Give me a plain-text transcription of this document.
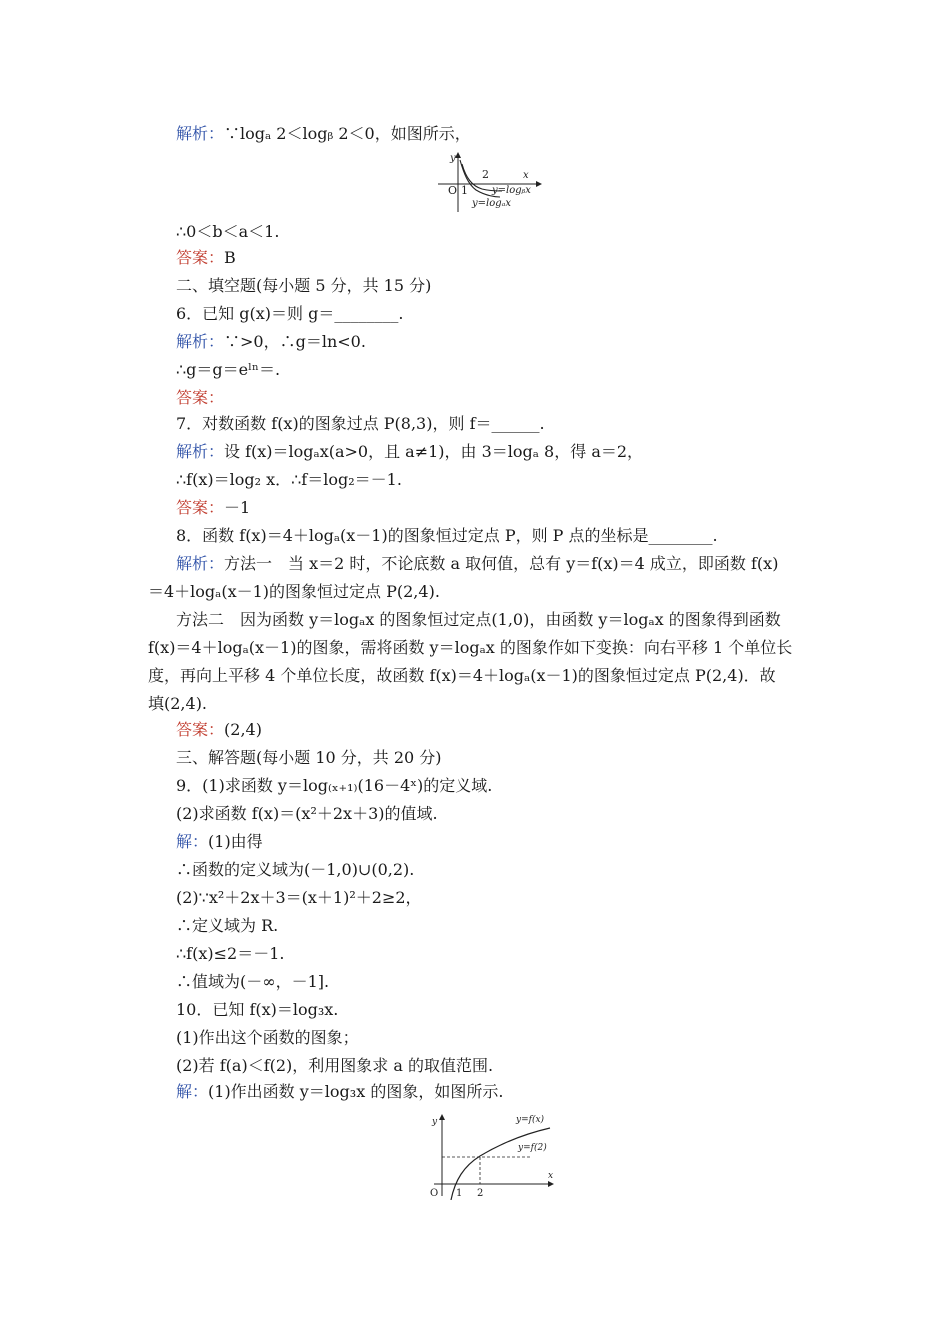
解析：∵logₐ 2＜logᵦ 2＜0，如图所示，
y
x
O 1
2
y=logᵦx
y=logₐx
∴0＜b＜a＜1.
答案：B
二、填空题(每小题 5 分，共 15 分)
6．已知 g(x)＝则 g＝________.
解析：∵>0，∴g＝ln<0.
∴g＝g＝eˡⁿ＝.
答案：
7．对数函数 f(x)的图象过点 P(8,3)，则 f＝______.
解析：设 f(x)＝logₐx(a>0，且 a≠1)，由 3＝logₐ 8，得 a＝2，
∴f(x)＝log₂ x．∴f＝log₂＝－1.
答案：－1
8．函数 f(x)＝4＋logₐ(x－1)的图象恒过定点 P，则 P 点的坐标是________.
解析：方法一　当 x＝2 时，不论底数 a 取何值，总有 y＝f(x)＝4 成立，即函数 f(x)
＝4＋logₐ(x－1)的图象恒过定点 P(2,4).
方法二　因为函数 y＝logₐx 的图象恒过定点(1,0)，由函数 y＝logₐx 的图象得到函数
f(x)＝4＋logₐ(x－1)的图象，需将函数 y＝logₐx 的图象作如下变换：向右平移 1 个单位长
度，再向上平移 4 个单位长度，故函数 f(x)＝4＋logₐ(x－1)的图象恒过定点 P(2,4)．故
填(2,4).
答案：(2,4)
三、解答题(每小题 10 分，共 20 分)
9．(1)求函数 y＝log₍ₓ₊₁₎(16－4ˣ)的定义域.
(2)求函数 f(x)＝(x²＋2x＋3)的值域.
解：(1)由得
∴函数的定义域为(－1,0)∪(0,2).
(2)∵x²＋2x＋3＝(x＋1)²＋2≥2，
∴定义域为 R.
∴f(x)≤2＝－1.
∴值域为(－∞，－1].
10．已知 f(x)＝log₃x.
(1)作出这个函数的图象；
(2)若 f(a)＜f(2)，利用图象求 a 的取值范围.
解：(1)作出函数 y＝log₃x 的图象，如图所示.
y
x
O 1 2
y=f(x)
y=f(2)
